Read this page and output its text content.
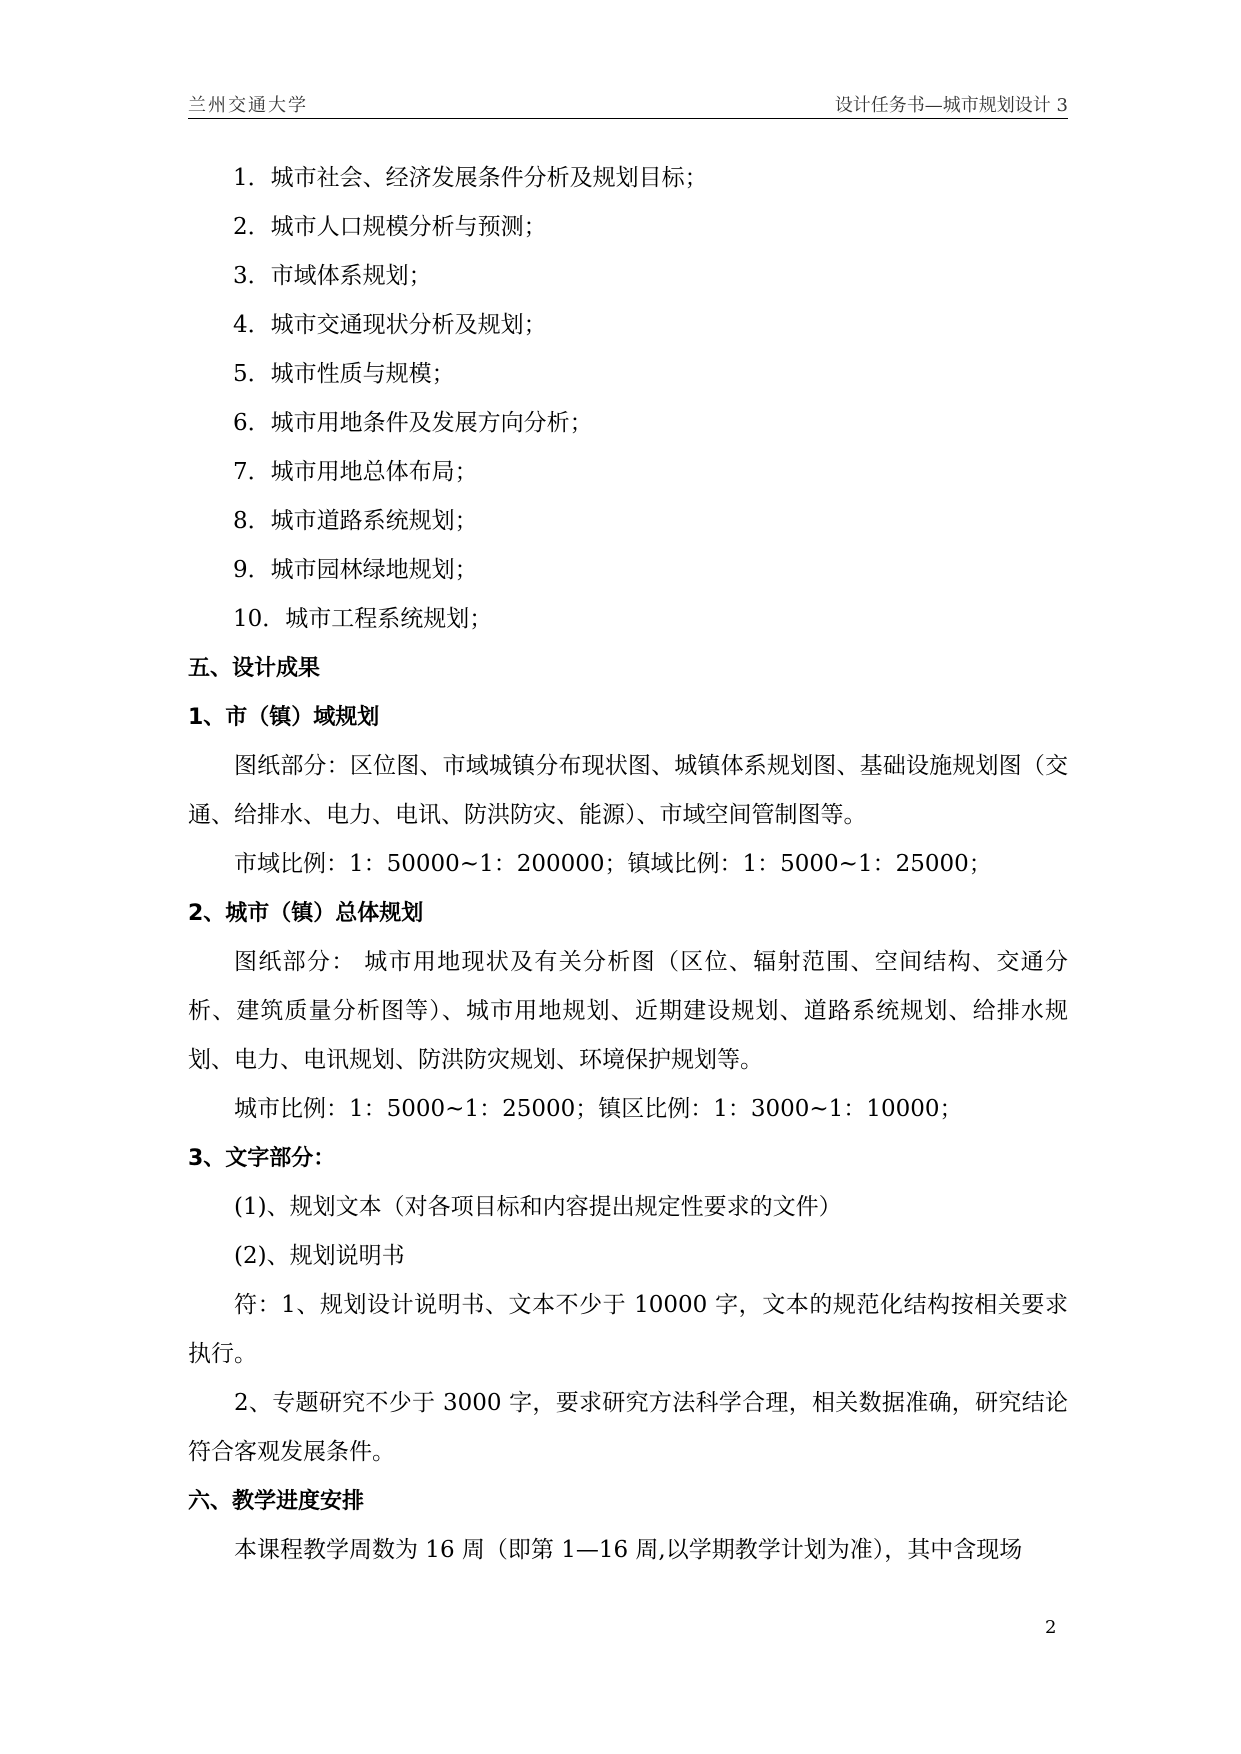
兰州交通大学	设计任务书—城市规划设计 3
1．城市社会、经济发展条件分析及规划目标；
2．城市人口规模分析与预测；
3．市域体系规划；
4．城市交通现状分析及规划；
5．城市性质与规模；
6．城市用地条件及发展方向分析；
7．城市用地总体布局；
8．城市道路系统规划；
9．城市园林绿地规划；
10．城市工程系统规划；
五、设计成果
1、市（镇）域规划
图纸部分：区位图、市域城镇分布现状图、城镇体系规划图、基础设施规划图（交通、给排水、电力、电讯、防洪防灾、能源）、市域空间管制图等。
市域比例：1：50000~1：200000；镇域比例：1：5000~1：25000；
2、城市（镇）总体规划
图纸部分： 城市用地现状及有关分析图（区位、辐射范围、空间结构、交通分析、建筑质量分析图等）、城市用地规划、近期建设规划、道路系统规划、给排水规划、电力、电讯规划、防洪防灾规划、环境保护规划等。
城市比例：1：5000~1：25000；镇区比例：1：3000~1：10000；
3、文字部分：
(1)、规划文本（对各项目标和内容提出规定性要求的文件）
(2)、规划说明书
符：1、规划设计说明书、文本不少于 10000 字，文本的规范化结构按相关要求执行。
2、专题研究不少于 3000 字，要求研究方法科学合理，相关数据准确，研究结论符合客观发展条件。
六、教学进度安排
本课程教学周数为 16 周（即第 1—16 周,以学期教学计划为准），其中含现场
2
